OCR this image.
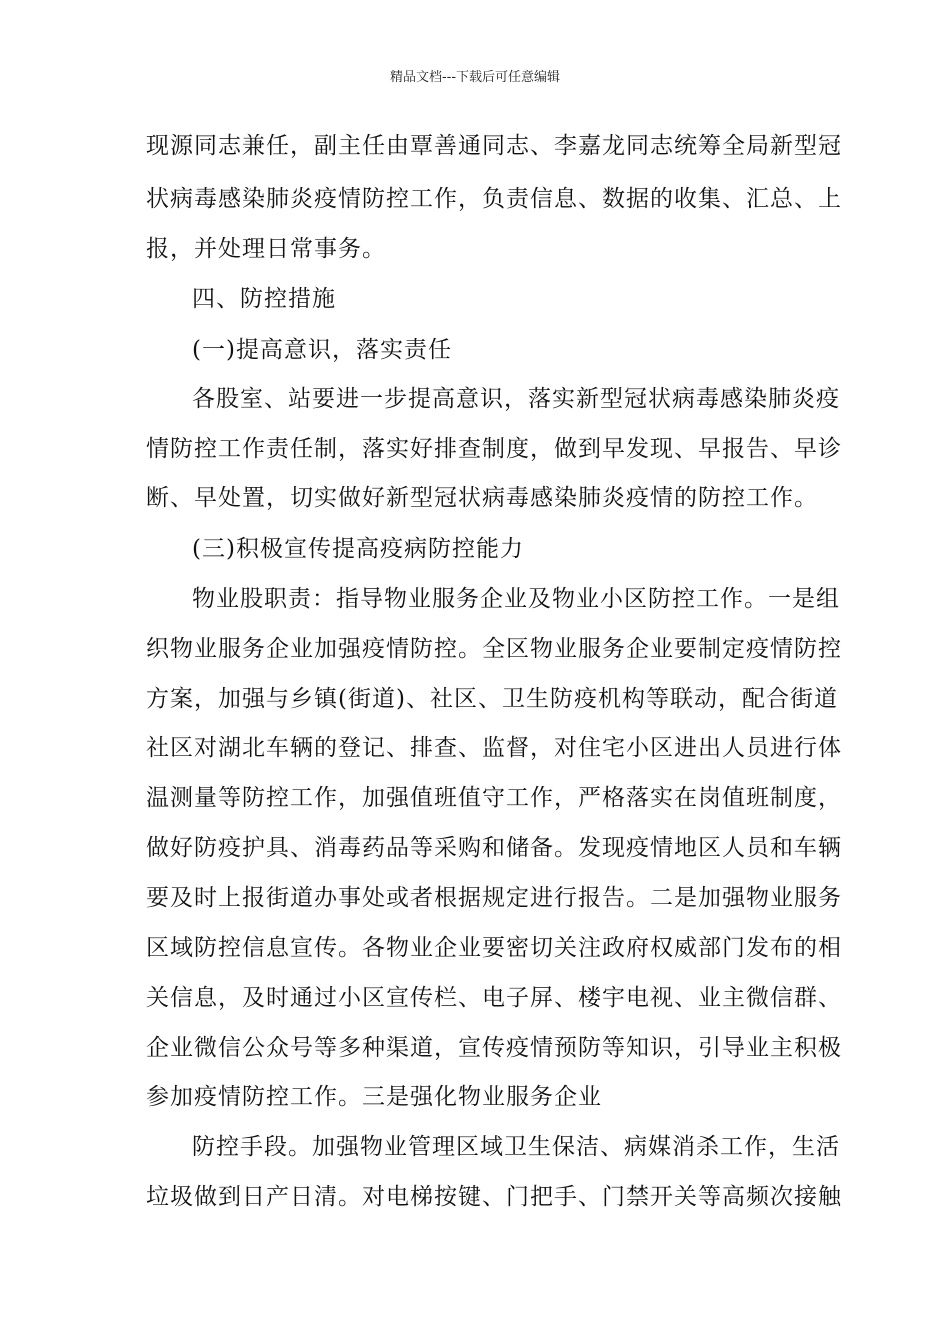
精品文档---下载后可任意编辑
现源同志兼任，副主任由覃善通同志、李嘉龙同志统筹全局新型冠
状病毒感染肺炎疫情防控工作，负责信息、数据的收集、汇总、上
报，并处理日常事务。
四、防控措施
(一)提高意识，落实责任
各股室、站要进一步提高意识，落实新型冠状病毒感染肺炎疫
情防控工作责任制，落实好排查制度，做到早发现、早报告、早诊
断、早处置，切实做好新型冠状病毒感染肺炎疫情的防控工作。
(三)积极宣传提高疫病防控能力
物业股职责：指导物业服务企业及物业小区防控工作。一是组
织物业服务企业加强疫情防控。全区物业服务企业要制定疫情防控
方案，加强与乡镇(街道)、社区、卫生防疫机构等联动，配合街道
社区对湖北车辆的登记、排查、监督，对住宅小区进出人员进行体
温测量等防控工作，加强值班值守工作，严格落实在岗值班制度，
做好防疫护具、消毒药品等采购和储备。发现疫情地区人员和车辆
要及时上报街道办事处或者根据规定进行报告。二是加强物业服务
区域防控信息宣传。各物业企业要密切关注政府权威部门发布的相
关信息，及时通过小区宣传栏、电子屏、楼宇电视、业主微信群、
企业微信公众号等多种渠道，宣传疫情预防等知识，引导业主积极
参加疫情防控工作。三是强化物业服务企业
防控手段。加强物业管理区域卫生保洁、病媒消杀工作，生活
垃圾做到日产日清。对电梯按键、门把手、门禁开关等高频次接触
